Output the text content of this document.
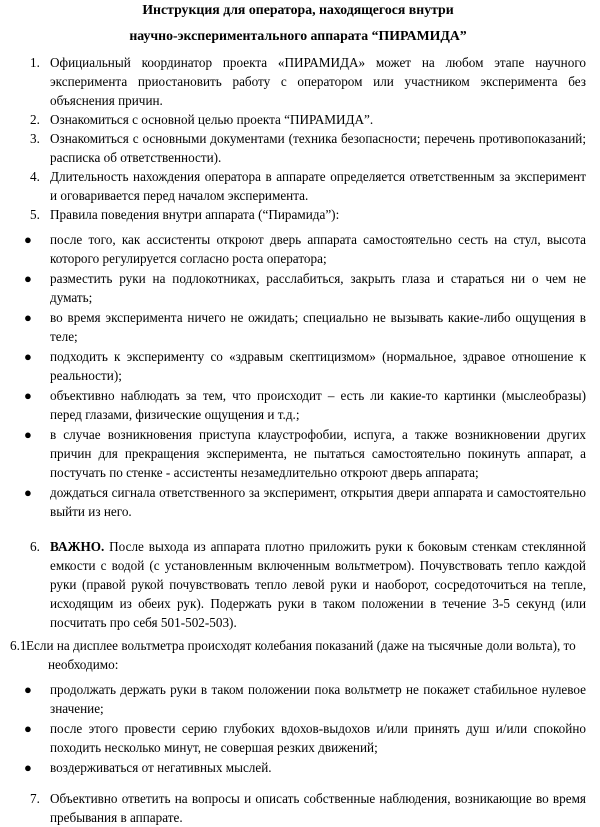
Инструкция для оператора, находящегося внутри
научно-экспериментального аппарата “ПИРАМИДА”
1. Официальный координатор проекта «ПИРАМИДА» может на любом этапе научного эксперимента приостановить работу с оператором или участником эксперимента без объяснения причин.
2. Ознакомиться с основной целью проекта “ПИРАМИДА”.
3. Ознакомиться с основными документами (техника безопасности; перечень противопоказаний; расписка об ответственности).
4. Длительность нахождения оператора в аппарате определяется ответственным за эксперимент и оговаривается перед началом эксперимента.
5. Правила поведения внутри аппарата (“Пирамида”):
● после того, как ассистенты откроют дверь аппарата самостоятельно сесть на стул, высота которого регулируется согласно роста оператора;
● разместить руки на подлокотниках, расслабиться, закрыть глаза и стараться ни о чем не думать;
● во время эксперимента ничего не ожидать; специально не вызывать какие-либо ощущения в теле;
● подходить к эксперименту со «здравым скептицизмом» (нормальное, здравое отношение к реальности);
● объективно наблюдать за тем, что происходит – есть ли какие-то картинки (мыслеобразы) перед глазами, физические ощущения и т.д.;
● в случае возникновения приступа клаустрофобии, испуга, а также возникновении других причин для прекращения эксперимента, не пытаться самостоятельно покинуть аппарат, а постучать по стенке - ассистенты незамедлительно откроют дверь аппарата;
● дождаться сигнала ответственного за эксперимент, открытия двери аппарата и самостоятельно выйти из него.
6. ВАЖНО. После выхода из аппарата плотно приложить руки к боковым стенкам стеклянной емкости с водой (с установленным включенным вольтметром). Почувствовать тепло каждой руки (правой рукой почувствовать тепло левой руки и наоборот, сосредоточиться на тепле, исходящим из обеих рук). Подержать руки в таком положении в течение 3-5 секунд (или посчитать про себя 501-502-503).
6.1 Если на дисплее вольтметра происходят колебания показаний (даже на тысячные доли вольта), то необходимо:
● продолжать держать руки в таком положении пока вольтметр не покажет стабильное нулевое значение;
● после этого провести серию глубоких вдохов-выдохов и/или принять душ и/или спокойно походить несколько минут, не совершая резких движений;
● воздерживаться от негативных мыслей.
7. Объективно ответить на вопросы и описать собственные наблюдения, возникающие во время пребывания в аппарате.
